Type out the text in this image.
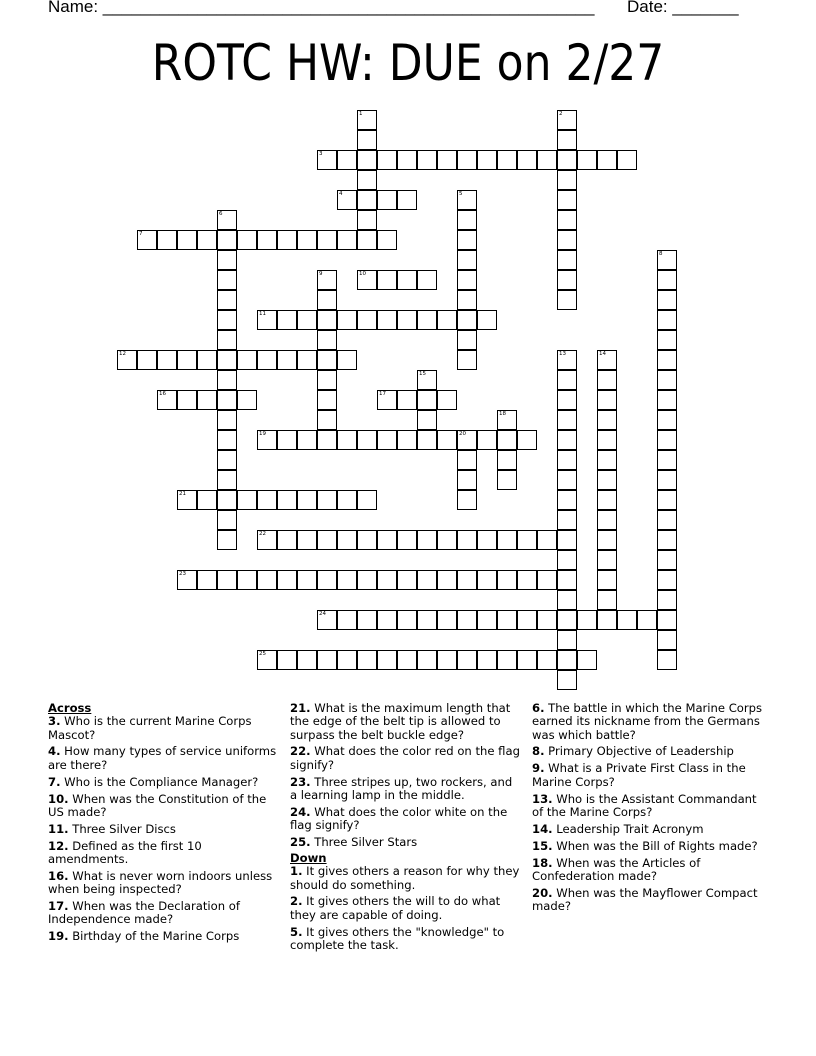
Name: ____________________________________________________ Date: _______
ROTC HW: DUE on 2/27
3
4
7
10
11
12
16	17
19	20
21
22
23
24
25
1	2
5
6
8
9
13	14
15
18
Across
3. Who is the current Marine Corps Mascot?
4. How many types of service uniforms are there?
7. Who is the Compliance Manager?
10. When was the Constitution of the US made?
11. Three Silver Discs
12. Defined as the first 10 amendments.
16. What is never worn indoors unless when being inspected?
17. When was the Declaration of Independence made?
19. Birthday of the Marine Corps
21. What is the maximum length that the edge of the belt tip is allowed to surpass the belt buckle edge?
22. What does the color red on the flag signify?
23. Three stripes up, two rockers, and a learning lamp in the middle.
24. What does the color white on the flag signify?
25. Three Silver Stars
Down
1. It gives others a reason for why they should do something.
2. It gives others the will to do what they are capable of doing.
5. It gives others the "knowledge" to complete the task.
6. The battle in which the Marine Corps earned its nickname from the Germans was which battle?
8. Primary Objective of Leadership
9. What is a Private First Class in the Marine Corps?
13. Who is the Assistant Commandant of the Marine Corps?
14. Leadership Trait Acronym
15. When was the Bill of Rights made?
18. When was the Articles of Confederation made?
20. When was the Mayflower Compact made?
